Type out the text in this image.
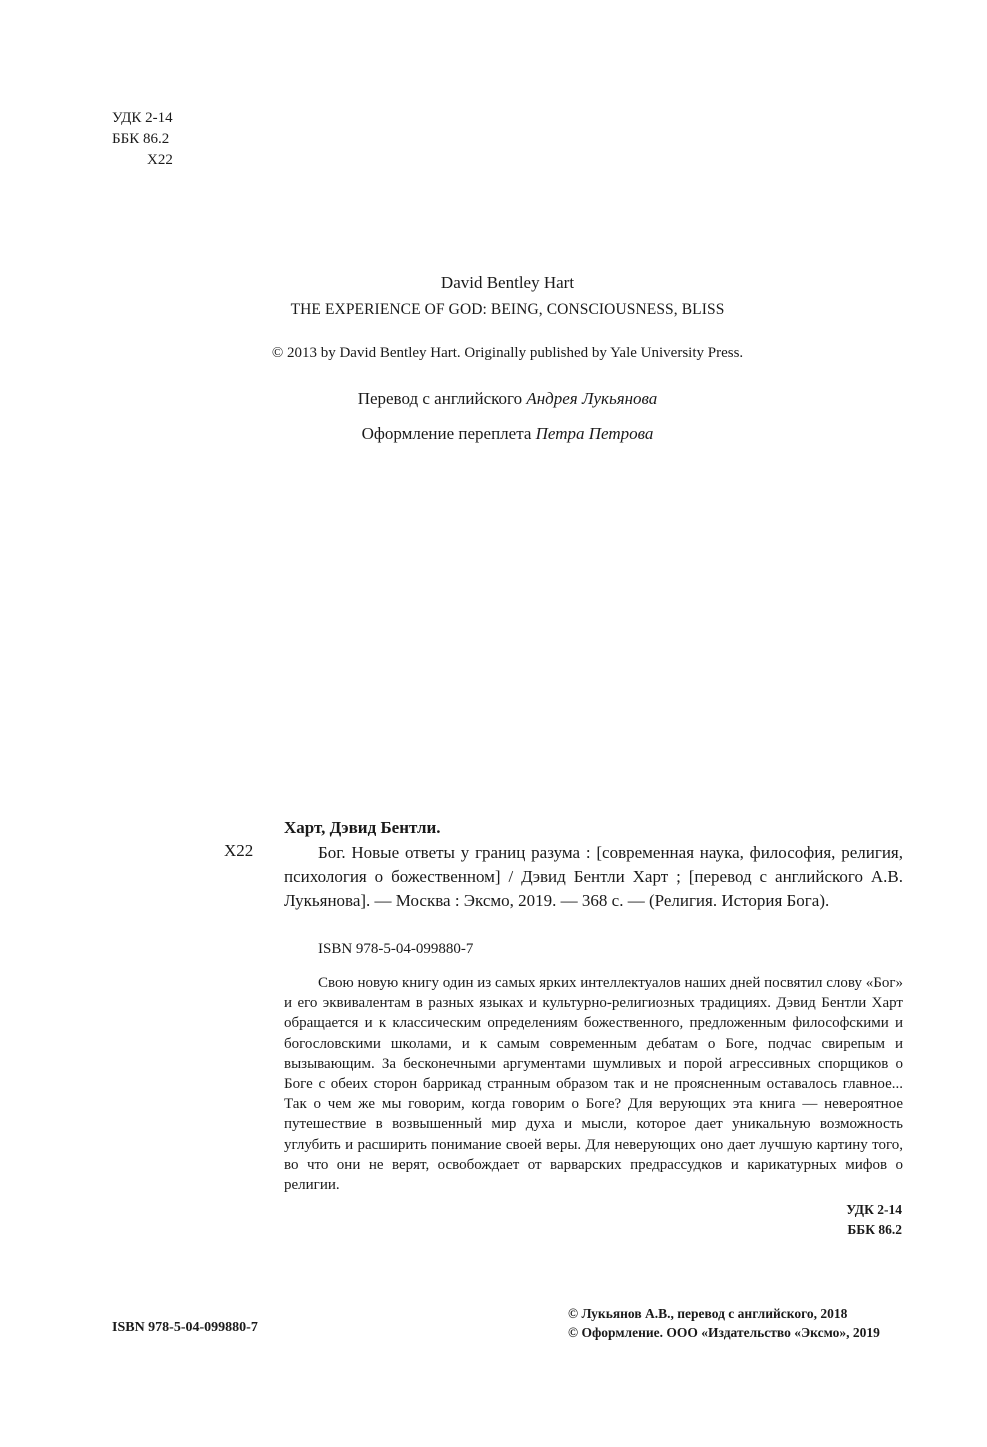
УДК 2-14
ББК 86.2
Х22
David Bentley Hart
THE EXPERIENCE OF GOD: BEING, CONSCIOUSNESS, BLISS
© 2013 by David Bentley Hart. Originally published by Yale University Press.
Перевод с английского Андрея Лукьянова
Оформление переплета Петра Петрова
Харт, Дэвид Бентли.
Х22	Бог. Новые ответы у границ разума : [современная наука, философия, религия, психология о божественном] / Дэвид Бентли Харт ; [перевод с английского А.В. Лукьянова]. — Москва : Эксмо, 2019. — 368 с. — (Религия. История Бога).
ISBN 978-5-04-099880-7
Свою новую книгу один из самых ярких интеллектуалов наших дней посвятил слову «Бог» и его эквивалентам в разных языках и культурно-религиозных традициях. Дэвид Бентли Харт обращается и к классическим определениям божественного, предложенным философскими и богословскими школами, и к самым современным дебатам о Боге, подчас свирепым и вызывающим. За бесконечными аргументами шумливых и порой агрессивных спорщиков о Боге с обеих сторон баррикад странным образом так и не проясненным оставалось главное... Так о чем же мы говорим, когда говорим о Боге? Для верующих эта книга — невероятное путешествие в возвышенный мир духа и мысли, которое дает уникальную возможность углубить и расширить понимание своей веры. Для неверующих оно дает лучшую картину того, во что они не верят, освобождает от варварских предрассудков и карикатурных мифов о религии.
УДК 2-14
ББК 86.2
ISBN 978-5-04-099880-7
© Лукьянов А.В., перевод с английского, 2018
© Оформление. ООО «Издательство «Эксмо», 2019
